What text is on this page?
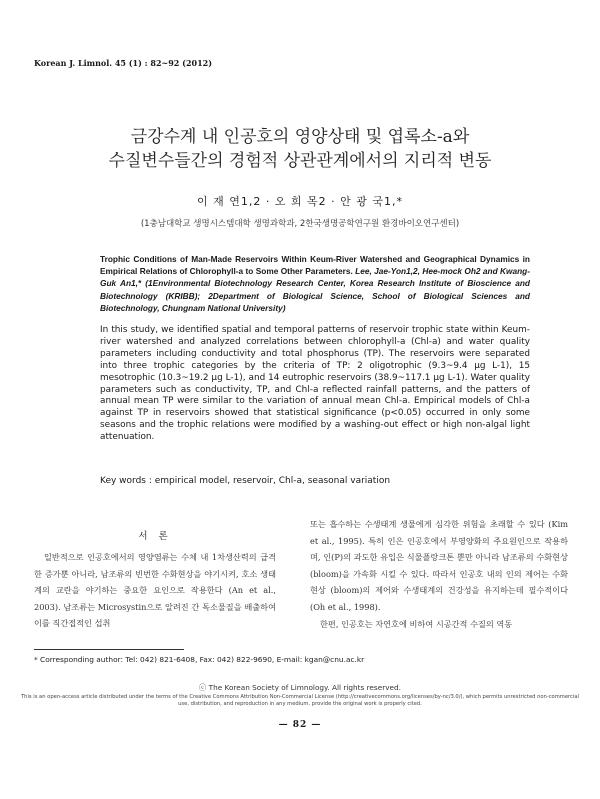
Korean J. Limnol. 45 (1) : 82~92 (2012)
금강수계 내 인공호의 영양상태 및 엽록소-a와
수질변수들간의 경험적 상관관계에서의 지리적 변동
이 재 연1,2 · 오 희 목2 · 안 광 국1,*
(1충남대학교 생명시스템대학 생명과학과, 2한국생명공학연구원 환경바이오연구센터)
Trophic Conditions of Man-Made Reservoirs Within Keum-River Watershed and Geographical Dynamics in Empirical Relations of Chlorophyll-a to Some Other Parameters. Lee, Jae-Yon1,2, Hee-mock Oh2 and Kwang-Guk An1,* (1Environmental Biotechnology Research Center, Korea Research Institute of Bioscience and Biotechnology (KRIBB); 2Department of Biological Science, School of Biological Sciences and Biotechnology, Chungnam National University)
In this study, we identified spatial and temporal patterns of reservoir trophic state within Keum-river watershed and analyzed correlations between chlorophyll-a (Chl-a) and water quality parameters including conductivity and total phosphorus (TP). The reservoirs were separated into three trophic categories by the criteria of TP: 2 oligotrophic (9.3~9.4 μg L-1), 15 mesotrophic (10.3~19.2 μg L-1), and 14 eutrophic reservoirs (38.9~117.1 μg L-1). Water quality parameters such as conductivity, TP, and Chl-a reflected rainfall patterns, and the patters of annual mean TP were similar to the variation of annual mean Chl-a. Empirical models of Chl-a against TP in reservoirs showed that statistical significance (p<0.05) occurred in only some seasons and the trophic relations were modified by a washing-out effect or high non-algal light attenuation.
Key words : empirical model, reservoir, Chl-a, seasonal variation
서 론
일반적으로 인공호에서의 영양염류는 수체 내 1차생산력의 급격한 증가뿐 아니라, 남조류의 빈번한 수화현상을 야기시켜, 호소 생태계의 교란을 야기하는 중요한 요인으로 작용한다 (An et al., 2003). 남조류는 Microsystin으로 알려진 간 독소물질을 배출하여 이를 직간접적인 섭취
또는 흡수하는 수생태계 생물에게 심각한 위험을 초래할 수 있다 (Kim et al., 1995). 특히 인은 인공호에서 부영양화의 주요원인으로 작용하며, 인(P)의 과도한 유입은 식물플랑크톤 뿐만 아니라 남조류의 수화현상 (bloom)을 가속화 시킬 수 있다. 따라서 인공호 내의 인의 제어는 수화현상 (bloom)의 제어와 수생태계의 건강성을 유지하는데 필수적이다 (Oh et al., 1998).
한편, 인공호는 자연호에 비하여 시공간적 수질의 역동
* Corresponding author: Tel: 042) 821-6408, Fax: 042) 822-9690, E-mail: kgan@cnu.ac.kr
ⓒ The Korean Society of Limnology. All rights reserved.
This is an open-access article distributed under the terms of the Creative Commons Attribution Non-Commercial License (http://creativecommons.org/licenses/by-nc/3.0/), which permits unrestricted non-commercial use, distribution, and reproduction in any medium, provide the original work is properly cited.
— 82 —
